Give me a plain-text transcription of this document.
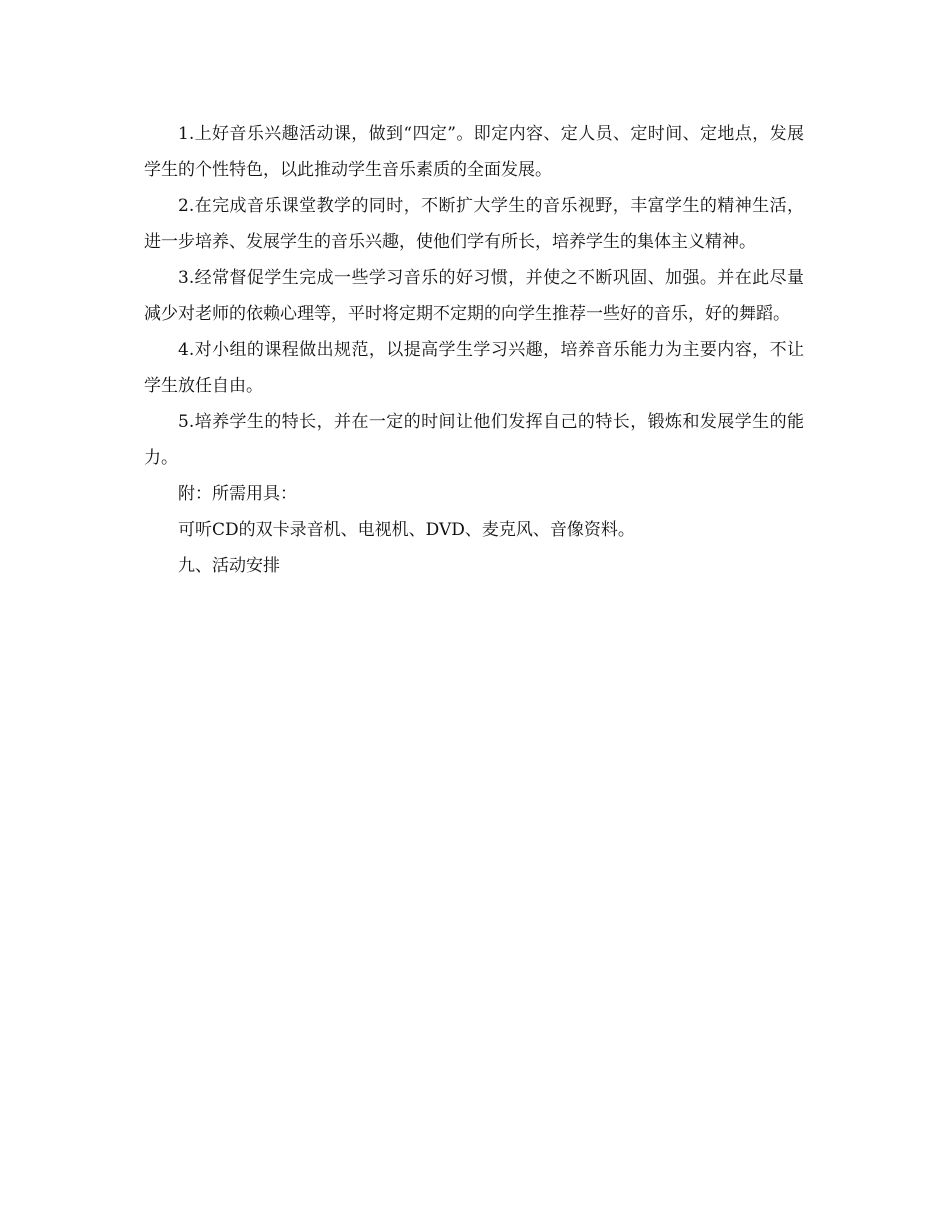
1.上好音乐兴趣活动课，做到“四定”。即定内容、定人员、定时间、定地点，发展学生的个性特色，以此推动学生音乐素质的全面发展。

2.在完成音乐课堂教学的同时，不断扩大学生的音乐视野，丰富学生的精神生活，进一步培养、发展学生的音乐兴趣，使他们学有所长，培养学生的集体主义精神。

3.经常督促学生完成一些学习音乐的好习惯，并使之不断巩固、加强。并在此尽量减少对老师的依赖心理等，平时将定期不定期的向学生推荐一些好的音乐，好的舞蹈。

4.对小组的课程做出规范，以提高学生学习兴趣，培养音乐能力为主要内容，不让学生放任自由。

5.培养学生的特长，并在一定的时间让他们发挥自己的特长，锻炼和发展学生的能力。

附：所需用具：

可听CD的双卡录音机、电视机、DVD、麦克风、音像资料。

九、活动安排
